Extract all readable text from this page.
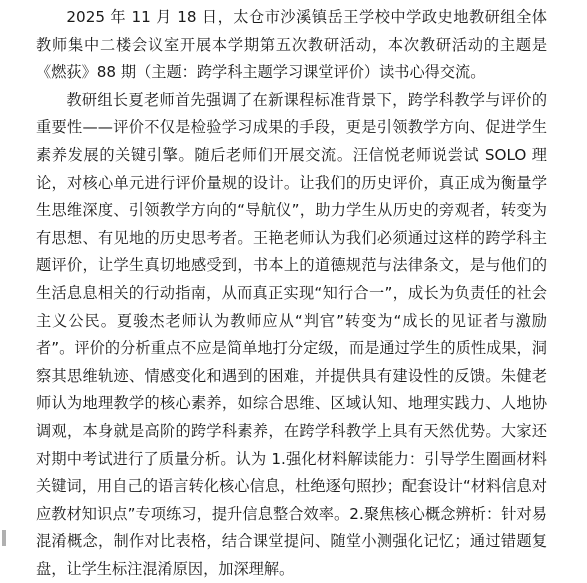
2025 年 11 月 18 日，太仓市沙溪镇岳王学校中学政史地教研组全体教师集中二楼会议室开展本学期第五次教研活动，本次教研活动的主题是《燃荻》88 期（主题：跨学科主题学习课堂评价）读书心得交流。

教研组长夏老师首先强调了在新课程标准背景下，跨学科教学与评价的重要性——评价不仅是检验学习成果的手段，更是引领教学方向、促进学生素养发展的关键引擎。随后老师们开展交流。汪信悦老师说尝试 SOLO 理论，对核心单元进行评价量规的设计。让我们的历史评价，真正成为衡量学生思维深度、引领教学方向的“导航仪”，助力学生从历史的旁观者，转变为有思想、有见地的历史思考者。王艳老师认为我们必须通过这样的跨学科主题评价，让学生真切地感受到，书本上的道德规范与法律条文，是与他们的生活息息相关的行动指南，从而真正实现“知行合一”，成长为负责任的社会主义公民。夏骏杰老师认为教师应从“判官”转变为“成长的见证者与激励者”。评价的分析重点不应是简单地打分定级，而是通过学生的质性成果，洞察其思维轨迹、情感变化和遇到的困难，并提供具有建设性的反馈。朱健老师认为地理教学的核心素养，如综合思维、区域认知、地理实践力、人地协调观，本身就是高阶的跨学科素养，在跨学科教学上具有天然优势。大家还对期中考试进行了质量分析。认为 1.强化材料解读能力：引导学生圈画材料关键词，用自己的语言转化核心信息，杜绝逐句照抄；配套设计“材料信息对应教材知识点”专项练习，提升信息整合效率。2.聚焦核心概念辨析：针对易混淆概念，制作对比表格，结合课堂提问、随堂小测强化记忆；通过错题复盘，让学生标注混淆原因，加深理解。
